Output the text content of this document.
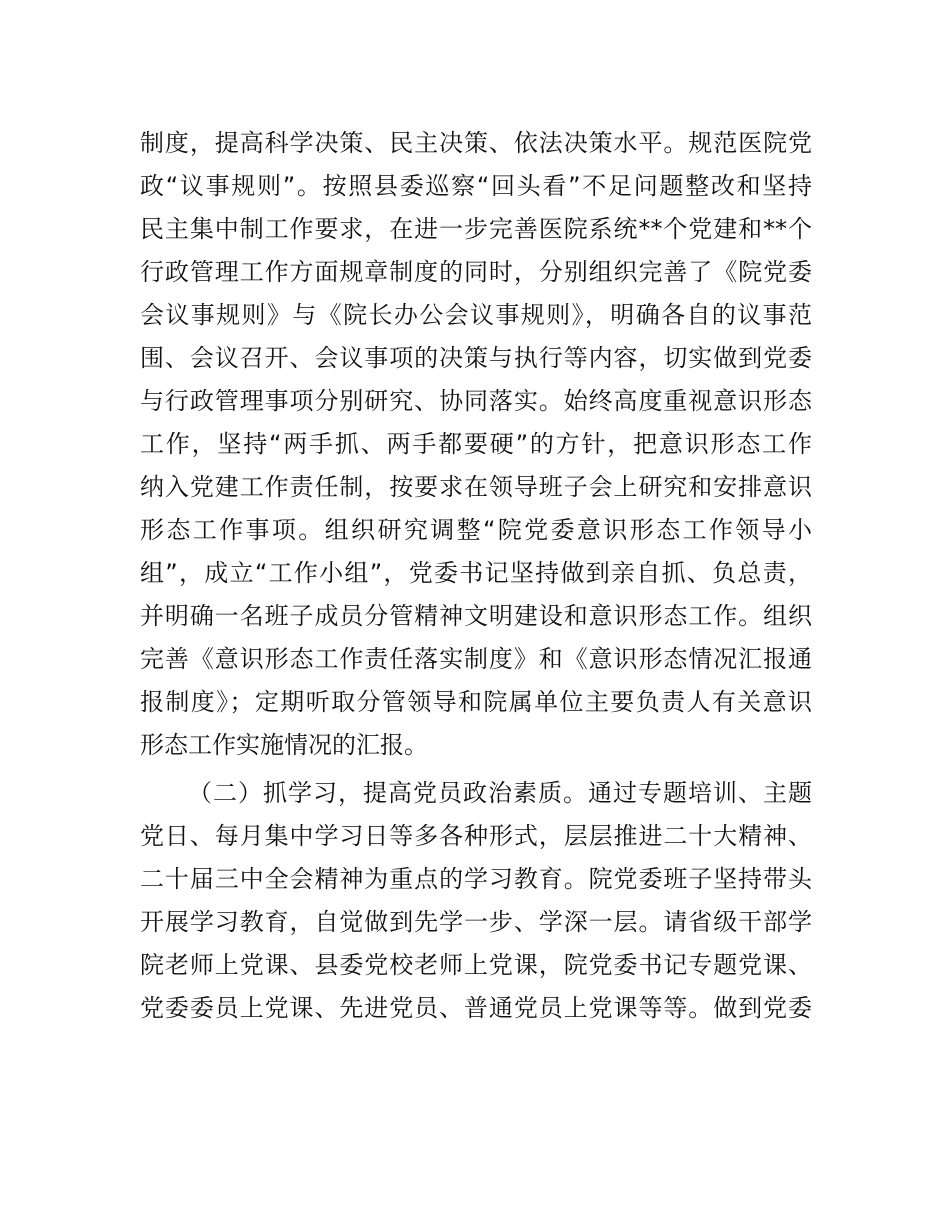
制度，提高科学决策、民主决策、依法决策水平。规范医院党
政“议事规则”。按照县委巡察“回头看”不足问题整改和坚持
民主集中制工作要求，在进一步完善医院系统**个党建和**个
行政管理工作方面规章制度的同时，分别组织完善了《院党委
会议事规则》与《院长办公会议事规则》，明确各自的议事范
围、会议召开、会议事项的决策与执行等内容，切实做到党委
与行政管理事项分别研究、协同落实。始终高度重视意识形态
工作，坚持“两手抓、两手都要硬”的方针，把意识形态工作
纳入党建工作责任制，按要求在领导班子会上研究和安排意识
形态工作事项。组织研究调整“院党委意识形态工作领导小
组”，成立“工作小组”，党委书记坚持做到亲自抓、负总责，
并明确一名班子成员分管精神文明建设和意识形态工作。组织
完善《意识形态工作责任落实制度》和《意识形态情况汇报通
报制度》；定期听取分管领导和院属单位主要负责人有关意识
形态工作实施情况的汇报。
（二）抓学习，提高党员政治素质。通过专题培训、主题
党日、每月集中学习日等多各种形式，层层推进二十大精神、
二十届三中全会精神为重点的学习教育。院党委班子坚持带头
开展学习教育，自觉做到先学一步、学深一层。请省级干部学
院老师上党课、县委党校老师上党课，院党委书记专题党课、
党委委员上党课、先进党员、普通党员上党课等等。做到党委
